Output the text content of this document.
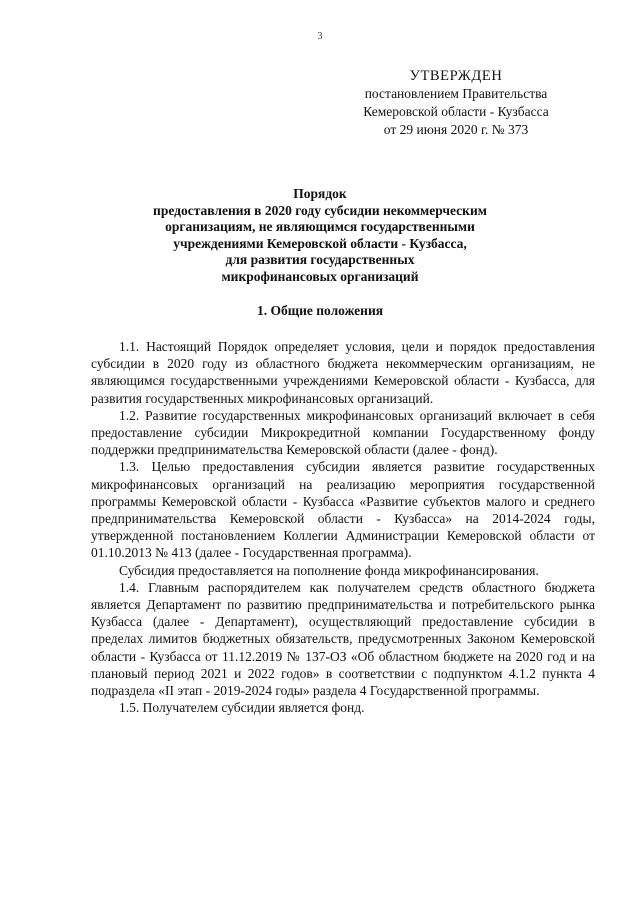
3
УТВЕРЖДЕН
постановлением Правительства
Кемеровской области - Кузбасса
от 29 июня 2020 г. № 373
Порядок
предоставления в 2020 году субсидии некоммерческим
организациям, не являющимся государственными
учреждениями Кемеровской области - Кузбасса,
для развития государственных
микрофинансовых организаций
1. Общие положения

1.1. Настоящий Порядок определяет условия, цели и порядок предоставления субсидии в 2020 году из областного бюджета некоммерческим организациям, не являющимся государственными учреждениями Кемеровской области - Кузбасса, для развития государственных микрофинансовых организаций.

1.2. Развитие государственных микрофинансовых организаций включает в себя предоставление субсидии Микрокредитной компании Государственному фонду поддержки предпринимательства Кемеровской области (далее - фонд).

1.3. Целью предоставления субсидии является развитие государственных микрофинансовых организаций на реализацию мероприятия государственной программы Кемеровской области - Кузбасса «Развитие субъектов малого и среднего предпринимательства Кемеровской области - Кузбасса» на 2014-2024 годы, утвержденной постановлением Коллегии Администрации Кемеровской области от 01.10.2013 № 413 (далее - Государственная программа).

Субсидия предоставляется на пополнение фонда микрофинансирования.

1.4. Главным распорядителем как получателем средств областного бюджета является Департамент по развитию предпринимательства и потребительского рынка Кузбасса (далее - Департамент), осуществляющий предоставление субсидии в пределах лимитов бюджетных обязательств, предусмотренных Законом Кемеровской области - Кузбасса от 11.12.2019 № 137-ОЗ «Об областном бюджете на 2020 год и на плановый период 2021 и 2022 годов» в соответствии с подпунктом 4.1.2 пункта 4 подраздела «II этап - 2019-2024 годы» раздела 4 Государственной программы.

1.5. Получателем субсидии является фонд.
